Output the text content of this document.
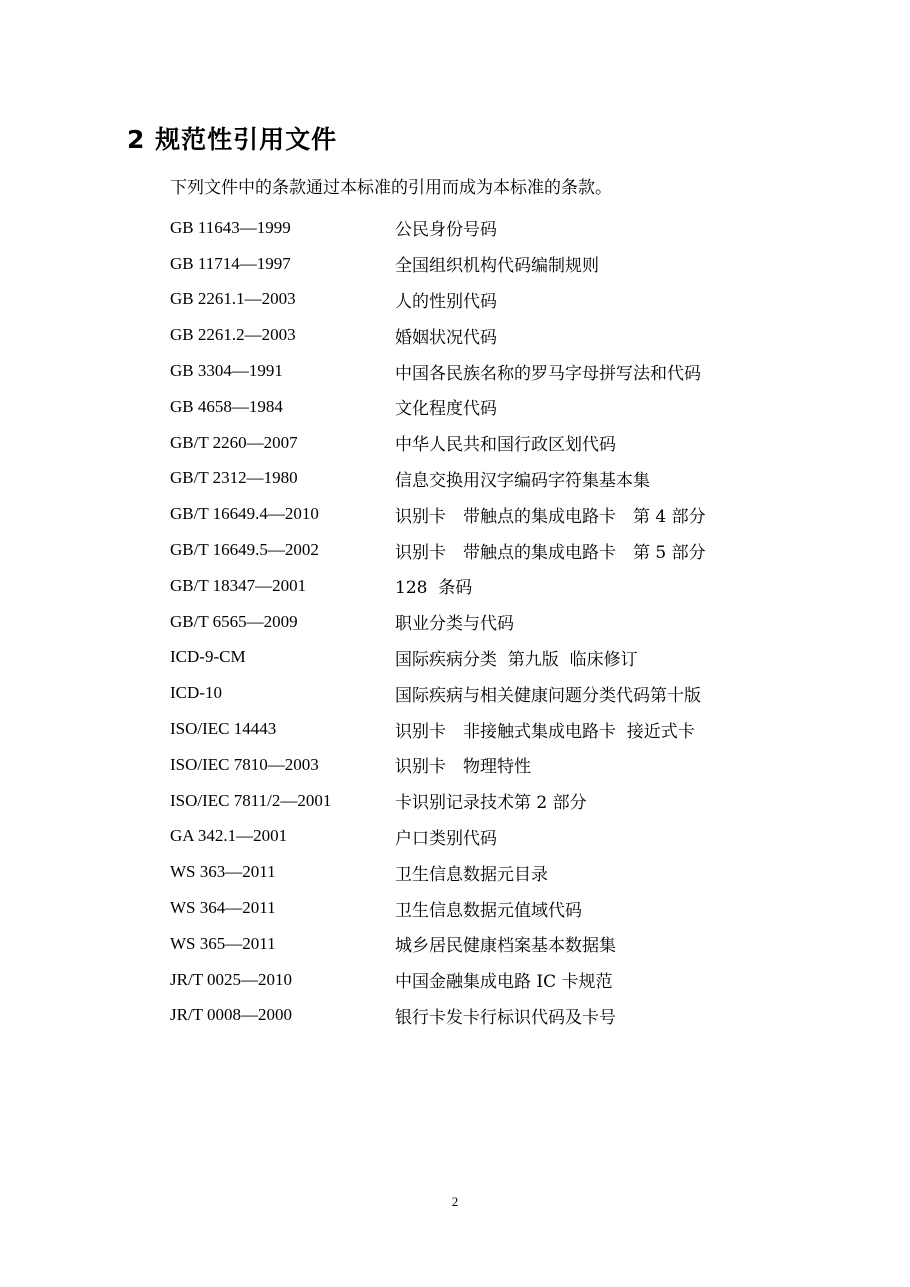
2 规范性引用文件

下列文件中的条款通过本标准的引用而成为本标准的条款。

GB 11643—1999	公民身份号码
GB 11714—1997	全国组织机构代码编制规则
GB 2261.1—2003	人的性别代码
GB 2261.2—2003	婚姻状况代码
GB 3304—1991	中国各民族名称的罗马字母拼写法和代码
GB 4658—1984	文化程度代码
GB/T 2260—2007	中华人民共和国行政区划代码
GB/T 2312—1980	信息交换用汉字编码字符集基本集
GB/T 16649.4—2010	识别卡　带触点的集成电路卡　第 4 部分
GB/T 16649.5—2002	识别卡　带触点的集成电路卡　第 5 部分
GB/T 18347—2001	128  条码
GB/T 6565—2009	职业分类与代码
ICD-9-CM	国际疾病分类  第九版  临床修订
ICD-10	国际疾病与相关健康问题分类代码第十版
ISO/IEC 14443	识别卡　非接触式集成电路卡  接近式卡
ISO/IEC 7810—2003	识别卡　物理特性
ISO/IEC 7811/2—2001	卡识别记录技术第 2 部分
GA 342.1—2001	户口类别代码
WS 363—2011	卫生信息数据元目录
WS 364—2011	卫生信息数据元值域代码
WS 365—2011	城乡居民健康档案基本数据集
JR/T 0025—2010	中国金融集成电路 IC 卡规范
JR/T 0008—2000	银行卡发卡行标识代码及卡号
2
